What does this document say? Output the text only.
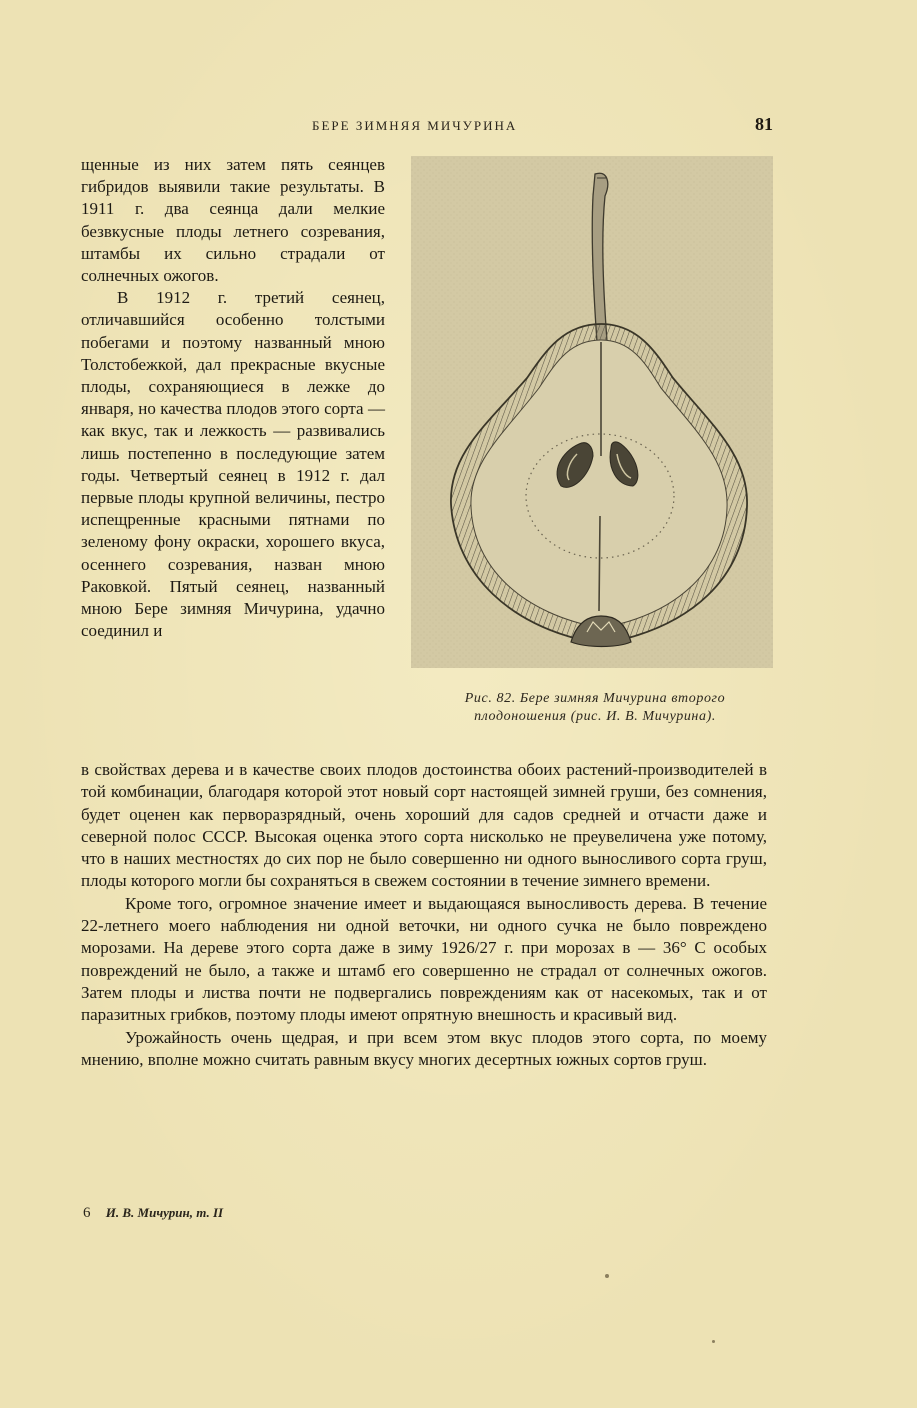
БЕРЕ ЗИМНЯЯ МИЧУРИНА	81

щенные из них затем пять сеянцев гибридов выявили такие результаты. В 1911 г. два сеянца дали мелкие безвкусные плоды летнего созревания, штамбы их сильно страдали от солнечных ожогов.

В 1912 г. третий сеянец, отличавшийся особенно толстыми побегами и поэтому названный мною Толстобежкой, дал прекрасные вкусные плоды, сохраняющиеся в лежке до января, но качества плодов этого сорта — как вкус, так и лежкость — развивались лишь постепенно в последующие затем годы. Четвертый сеянец в 1912 г. дал первые плоды крупной величины, пестро испещренные красными пятнами по зеленому фону окраски, хорошего вкуса, осеннего созревания, назван мною Раковкой. Пятый сеянец, названный мною Бере зимняя Мичурина, удачно соединил и

Рис. 82. Бере зимняя Мичурина второго
плодоношения (рис. И. В. Мичурина).

в свойствах дерева и в качестве своих плодов достоинства обоих растений-производителей в той комбинации, благодаря которой этот новый сорт настоящей зимней груши, без сомнения, будет оценен как перворазрядный, очень хороший для садов средней и отчасти даже и северной полос СССР. Высокая оценка этого сорта нисколько не преувеличена уже потому, что в наших местностях до сих пор не было совершенно ни одного выносливого сорта груш, плоды которого могли бы сохраняться в свежем состоянии в течение зимнего времени.

Кроме того, огромное значение имеет и выдающаяся выносливость дерева. В течение 22-летнего моего наблюдения ни одной веточки, ни одного сучка не было повреждено морозами. На дереве этого сорта даже в зиму 1926/27 г. при морозах в — 36° С особых повреждений не было, а также и штамб его совершенно не страдал от солнечных ожогов. Затем плоды и листва почти не подвергались повреждениям как от насекомых, так и от паразитных грибков, поэтому плоды имеют опрятную внешность и красивый вид.

Урожайность очень щедрая, и при всем этом вкус плодов этого сорта, по моему мнению, вполне можно считать равным вкусу многих десертных южных сортов груш.

6 И. В. Мичурин, т. II
